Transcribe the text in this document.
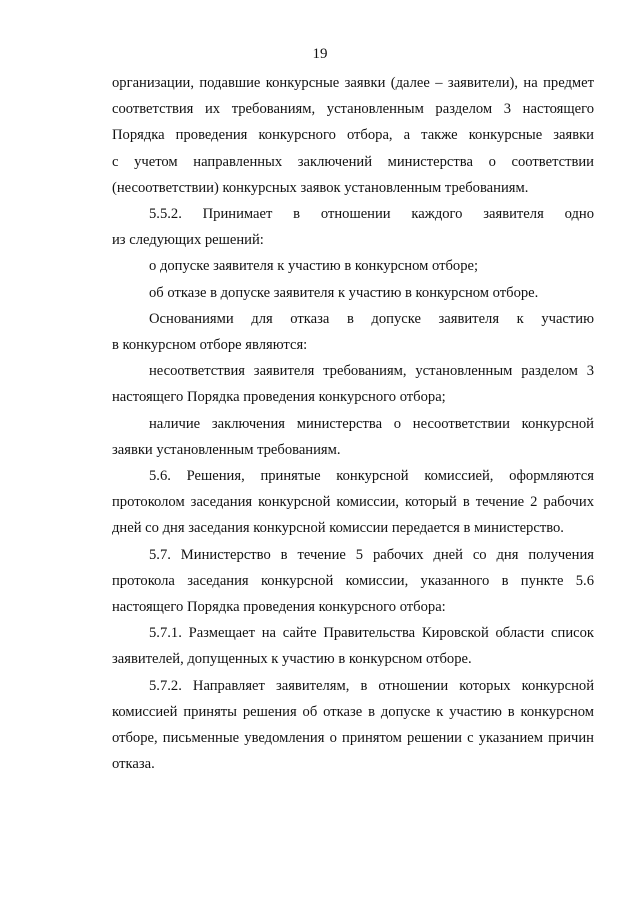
19

организации, подавшие конкурсные заявки (далее – заявители), на предмет
соответствия их требованиям, установленным разделом 3 настоящего
Порядка проведения конкурсного отбора, а также конкурсные заявки
с учетом направленных заключений министерства о соответствии
(несоответствии) конкурсных заявок установленным требованиям.

5.5.2. Принимает в отношении каждого заявителя одно
из следующих решений:

о допуске заявителя к участию в конкурсном отборе;

об отказе в допуске заявителя к участию в конкурсном отборе.

Основаниями для отказа в допуске заявителя к участию
в конкурсном отборе являются:

несоответствия заявителя требованиям, установленным разделом 3
настоящего Порядка проведения конкурсного отбора;

наличие заключения министерства о несоответствии конкурсной
заявки установленным требованиям.

5.6. Решения, принятые конкурсной комиссией, оформляются
протоколом заседания конкурсной комиссии, который в течение 2 рабочих
дней со дня заседания конкурсной комиссии передается в министерство.

5.7. Министерство в течение 5 рабочих дней со дня получения
протокола заседания конкурсной комиссии, указанного в пункте 5.6
настоящего Порядка проведения конкурсного отбора:

5.7.1. Размещает на сайте Правительства Кировской области список
заявителей, допущенных к участию в конкурсном отборе.

5.7.2. Направляет заявителям, в отношении которых конкурсной
комиссией приняты решения об отказе в допуске к участию в конкурсном
отборе, письменные уведомления о принятом решении с указанием причин
отказа.
